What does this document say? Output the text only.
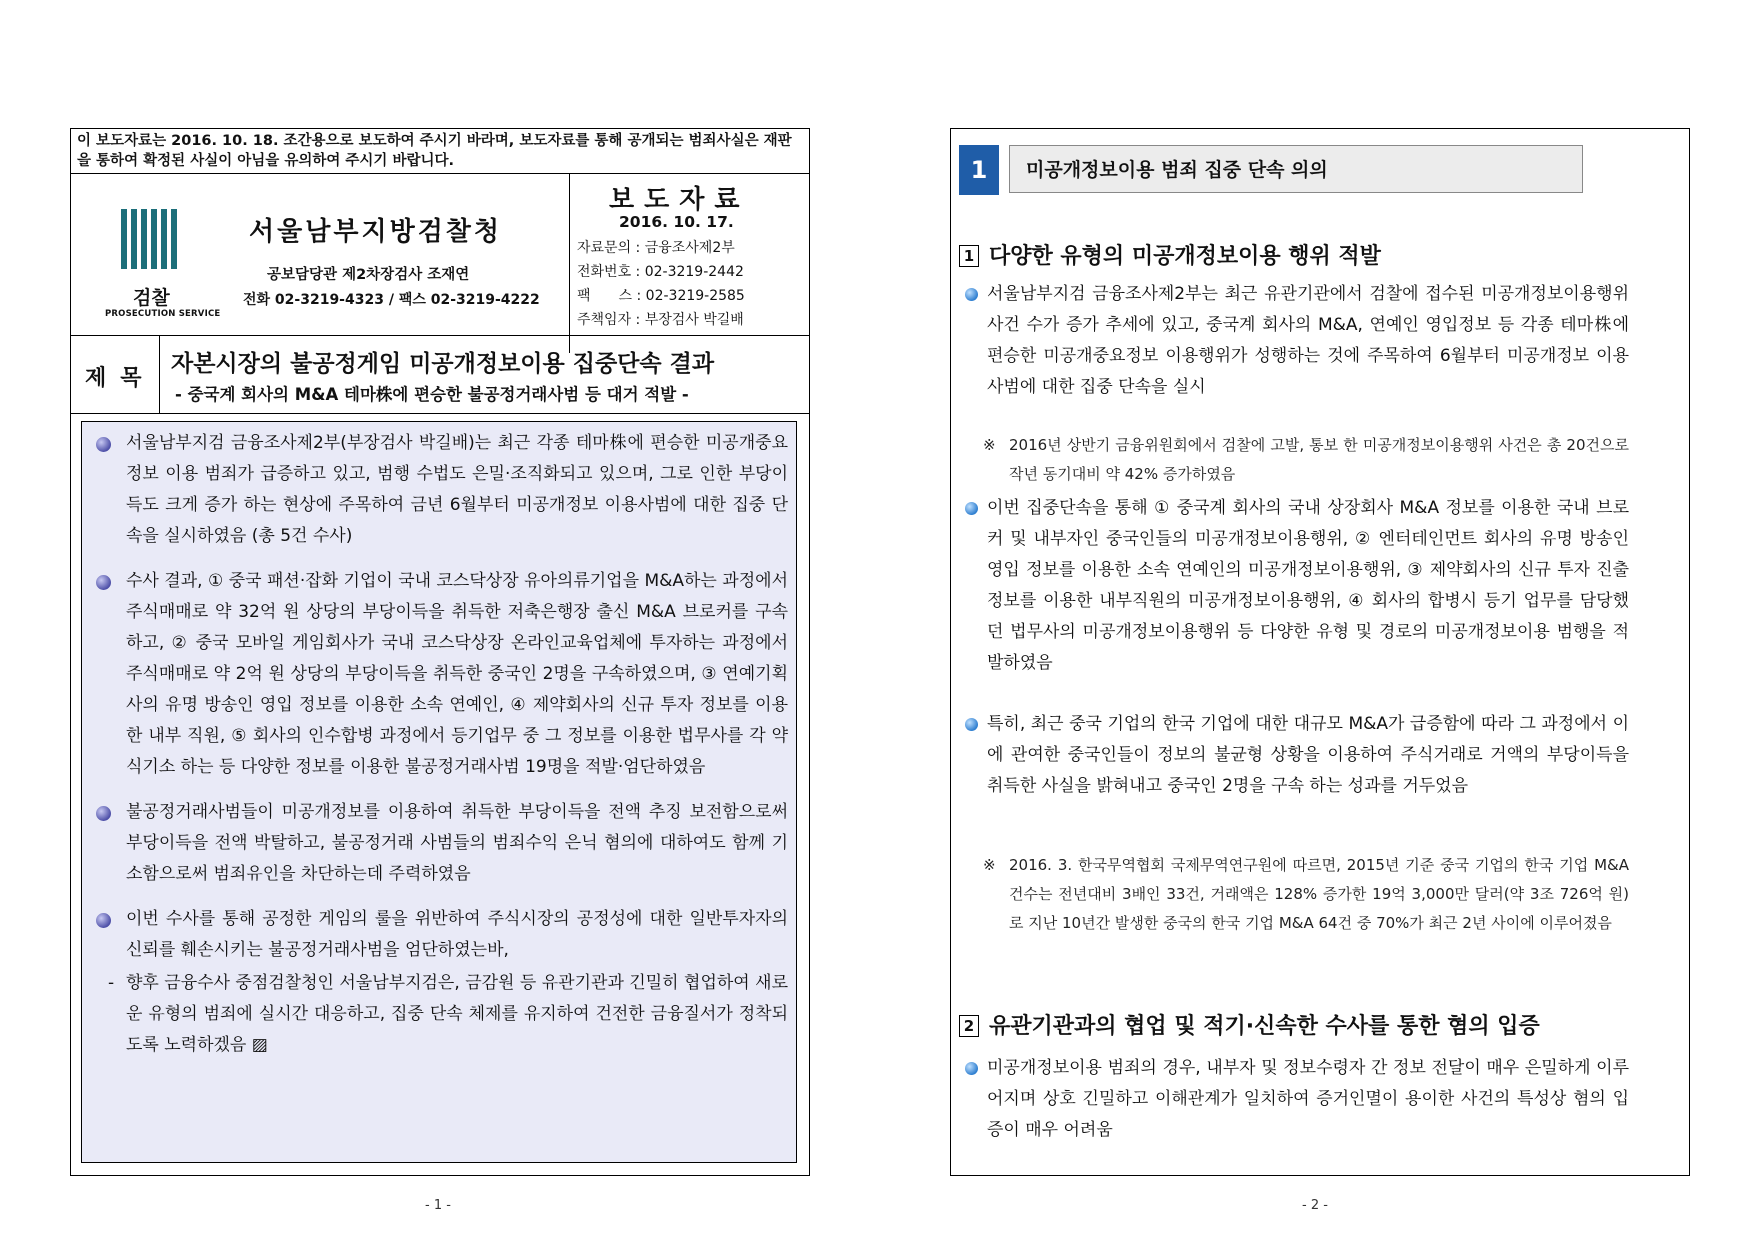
이 보도자료는 2016. 10. 18. 조간용으로 보도하여 주시기 바라며, 보도자료를 통해 공개되는 범죄사실은 재판을 통하여 확정된 사실이 아님을 유의하여 주시기 바랍니다.
검찰
PROSECUTION SERVICE
서울남부지방검찰청
공보담당관 제2차장검사 조재연
전화 02-3219-4323 / 팩스 02-3219-4222
보도자료
2016. 10. 17.
자료문의 : 금융조사제2부
전화번호 : 02-3219-2442
팩　　스 : 02-3219-2585
주책임자 : 부장검사 박길배
제목
자본시장의 불공정게임 미공개정보이용 집중단속 결과
- 중국계 회사의 M&A 테마株에 편승한 불공정거래사범 등 대거 적발 -
서울남부지검 금융조사제2부(부장검사 박길배)는 최근 각종 테마株에 편승한 미공개중요정보 이용 범죄가 급증하고 있고, 범행 수법도 은밀·조직화되고 있으며, 그로 인한 부당이득도 크게 증가 하는 현상에 주목하여 금년 6월부터 미공개정보 이용사범에 대한 집중 단속을 실시하였음 (총 5건 수사)
수사 결과, ① 중국 패션·잡화 기업이 국내 코스닥상장 유아의류기업을 M&A하는 과정에서 주식매매로 약 32억 원 상당의 부당이득을 취득한 저축은행장 출신 M&A 브로커를 구속하고, ② 중국 모바일 게임회사가 국내 코스닥상장 온라인교육업체에 투자하는 과정에서 주식매매로 약 2억 원 상당의 부당이득을 취득한 중국인 2명을 구속하였으며, ③ 연예기획사의 유명 방송인 영입 정보를 이용한 소속 연예인, ④ 제약회사의 신규 투자 정보를 이용한 내부 직원, ⑤ 회사의 인수합병 과정에서 등기업무 중 그 정보를 이용한 법무사를 각 약식기소 하는 등 다양한 정보를 이용한 불공정거래사범 19명을 적발·엄단하였음
불공정거래사범들이 미공개정보를 이용하여 취득한 부당이득을 전액 추징 보전함으로써 부당이득을 전액 박탈하고, 불공정거래 사범들의 범죄수익 은닉 혐의에 대하여도 함께 기소함으로써 범죄유인을 차단하는데 주력하였음
이번 수사를 통해 공정한 게임의 룰을 위반하여 주식시장의 공정성에 대한 일반투자자의 신뢰를 훼손시키는 불공정거래사범을 엄단하였는바,
- 향후 금융수사 중점검찰청인 서울남부지검은, 금감원 등 유관기관과 긴밀히 협업하여 새로운 유형의 범죄에 실시간 대응하고, 집중 단속 체제를 유지하여 건전한 금융질서가 정착되도록 노력하겠음 ▨
- 1 -
1	미공개정보이용 범죄 집중 단속 의의
1 다양한 유형의 미공개정보이용 행위 적발
서울남부지검 금융조사제2부는 최근 유관기관에서 검찰에 접수된 미공개정보이용행위 사건 수가 증가 추세에 있고, 중국계 회사의 M&A, 연예인 영입정보 등 각종 테마株에 편승한 미공개중요정보 이용행위가 성행하는 것에 주목하여 6월부터 미공개정보 이용 사범에 대한 집중 단속을 실시
※ 2016년 상반기 금융위원회에서 검찰에 고발, 통보 한 미공개정보이용행위 사건은 총 20건으로 작년 동기대비 약 42% 증가하였음
이번 집중단속을 통해 ① 중국계 회사의 국내 상장회사 M&A 정보를 이용한 국내 브로커 및 내부자인 중국인들의 미공개정보이용행위, ② 엔터테인먼트 회사의 유명 방송인 영입 정보를 이용한 소속 연예인의 미공개정보이용행위, ③ 제약회사의 신규 투자 진출 정보를 이용한 내부직원의 미공개정보이용행위, ④ 회사의 합병시 등기 업무를 담당했던 법무사의 미공개정보이용행위 등 다양한 유형 및 경로의 미공개정보이용 범행을 적발하였음
특히, 최근 중국 기업의 한국 기업에 대한 대규모 M&A가 급증함에 따라 그 과정에서 이에 관여한 중국인들이 정보의 불균형 상황을 이용하여 주식거래로 거액의 부당이득을 취득한 사실을 밝혀내고 중국인 2명을 구속 하는 성과를 거두었음
※ 2016. 3. 한국무역협회 국제무역연구원에 따르면, 2015년 기준 중국 기업의 한국 기업 M&A 건수는 전년대비 3배인 33건, 거래액은 128% 증가한 19억 3,000만 달러(약 3조 726억 원)로 지난 10년간 발생한 중국의 한국 기업 M&A 64건 중 70%가 최근 2년 사이에 이루어졌음
2 유관기관과의 협업 및 적기·신속한 수사를 통한 혐의 입증
미공개정보이용 범죄의 경우, 내부자 및 정보수령자 간 정보 전달이 매우 은밀하게 이루어지며 상호 긴밀하고 이해관계가 일치하여 증거인멸이 용이한 사건의 특성상 혐의 입증이 매우 어려움
- 2 -
